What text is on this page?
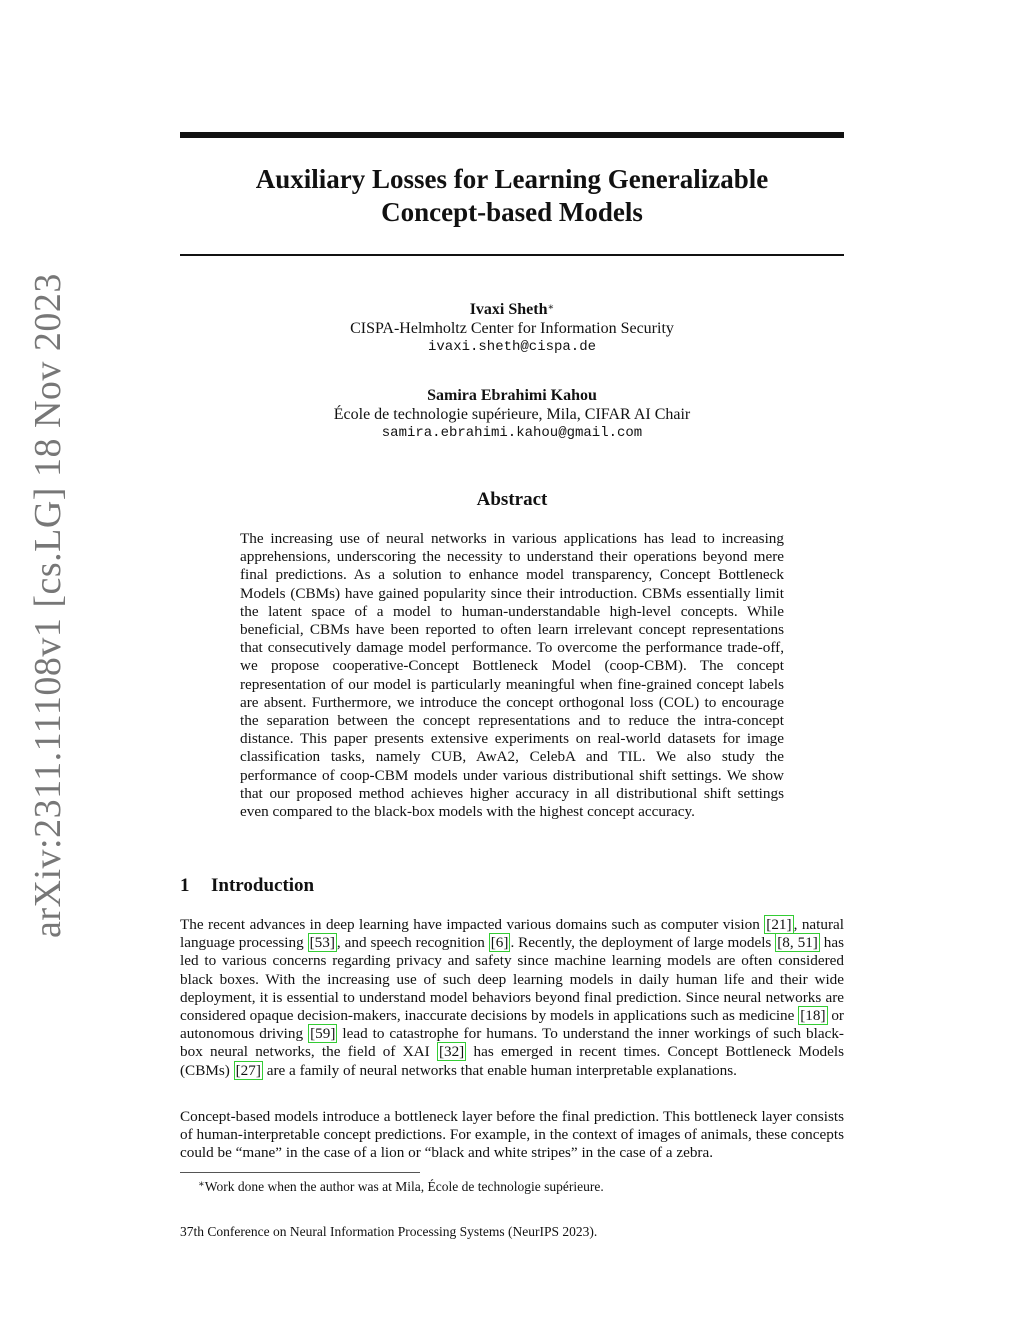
arXiv:2311.11108v1 [cs.LG] 18 Nov 2023
Auxiliary Losses for Learning Generalizable
Concept-based Models
Ivaxi Sheth∗
CISPA-Helmholtz Center for Information Security
ivaxi.sheth@cispa.de
Samira Ebrahimi Kahou
École de technologie supérieure, Mila, CIFAR AI Chair
samira.ebrahimi.kahou@gmail.com
Abstract
The increasing use of neural networks in various applications has lead to increasing apprehensions, underscoring the necessity to understand their operations beyond mere final predictions. As a solution to enhance model transparency, Concept Bottleneck Models (CBMs) have gained popularity since their introduction. CBMs essentially limit the latent space of a model to human-understandable high-level concepts. While beneficial, CBMs have been reported to often learn irrelevant concept representations that consecutively damage model performance. To overcome the performance trade-off, we propose cooperative-Concept Bottleneck Model (coop-CBM). The concept representation of our model is particularly meaningful when fine-grained concept labels are absent. Furthermore, we introduce the concept orthogonal loss (COL) to encourage the separation between the concept representations and to reduce the intra-concept distance. This paper presents extensive experiments on real-world datasets for image classification tasks, namely CUB, AwA2, CelebA and TIL. We also study the performance of coop-CBM models under various distributional shift settings. We show that our proposed method achieves higher accuracy in all distributional shift settings even compared to the black-box models with the highest concept accuracy.
1 Introduction
The recent advances in deep learning have impacted various domains such as computer vision [21] , natural language processing [53] , and speech recognition [6] . Recently, the deployment of large models [8, 51] has led to various concerns regarding privacy and safety since machine learning models are often considered black boxes. With the increasing use of such deep learning models in daily human life and their wide deployment, it is essential to understand model behaviors beyond final prediction. Since neural networks are considered opaque decision-makers, inaccurate decisions by models in applications such as medicine [18] or autonomous driving [59] lead to catastrophe for humans. To understand the inner workings of such black-box neural networks, the field of XAI [32] has emerged in recent times. Concept Bottleneck Models (CBMs) [27] are a family of neural networks that enable human interpretable explanations.
Concept-based models introduce a bottleneck layer before the final prediction. This bottleneck layer consists of human-interpretable concept predictions. For example, in the context of images of animals, these concepts could be “mane” in the case of a lion or “black and white stripes” in the case of a zebra.
∗Work done when the author was at Mila, École de technologie supérieure.
37th Conference on Neural Information Processing Systems (NeurIPS 2023).
